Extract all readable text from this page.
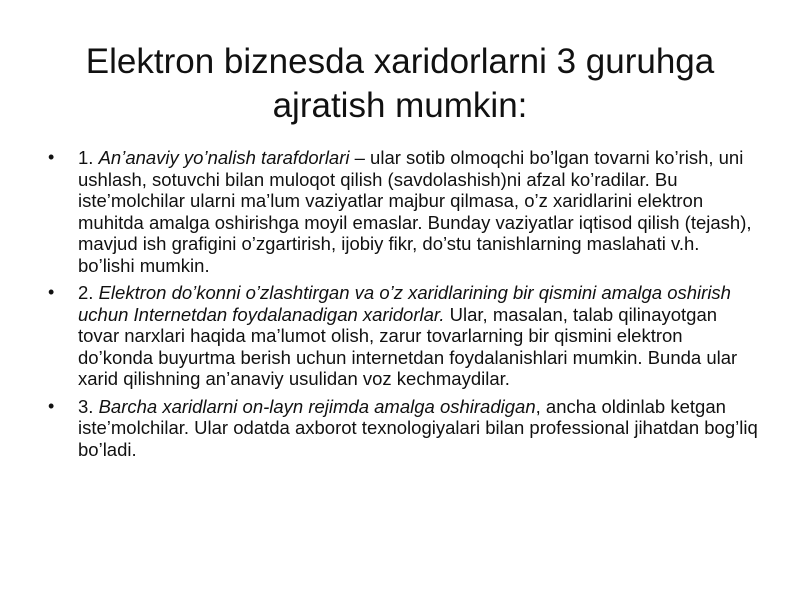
Elektron biznesda xaridorlarni 3 guruhga ajratish mumkin:
• 1. An’anaviy yo’nalish tarafdorlari – ular sotib olmoqchi bo’lgan tovarni ko’rish, uni ushlash, sotuvchi bilan muloqot qilish (savdolashish)ni afzal ko’radilar. Bu iste’molchilar ularni ma’lum vaziyatlar majbur qilmasa, o’z xaridlarini elektron muhitda amalga oshirishga moyil emaslar. Bunday vaziyatlar iqtisod qilish (tejash), mavjud ish grafigini o’zgartirish, ijobiy fikr, do’stu tanishlarning maslahati v.h. bo’lishi mumkin.
• 2. Elektron do’konni o’zlashtirgan va o’z xaridlarining bir qismini amalga oshirish uchun Internetdan foydalanadigan xaridorlar. Ular, masalan, talab qilinayotgan tovar narxlari haqida ma’lumot olish, zarur tovarlarning bir qismini elektron do’konda buyurtma berish uchun internetdan foydalanishlari mumkin. Bunda ular xarid qilishning an’anaviy usulidan voz kechmaydilar.
• 3. Barcha xaridlarni on-layn rejimda amalga oshiradigan, ancha oldinlab ketgan iste’molchilar. Ular odatda axborot texnologiyalari bilan professional jihatdan bog’liq bo’ladi.
